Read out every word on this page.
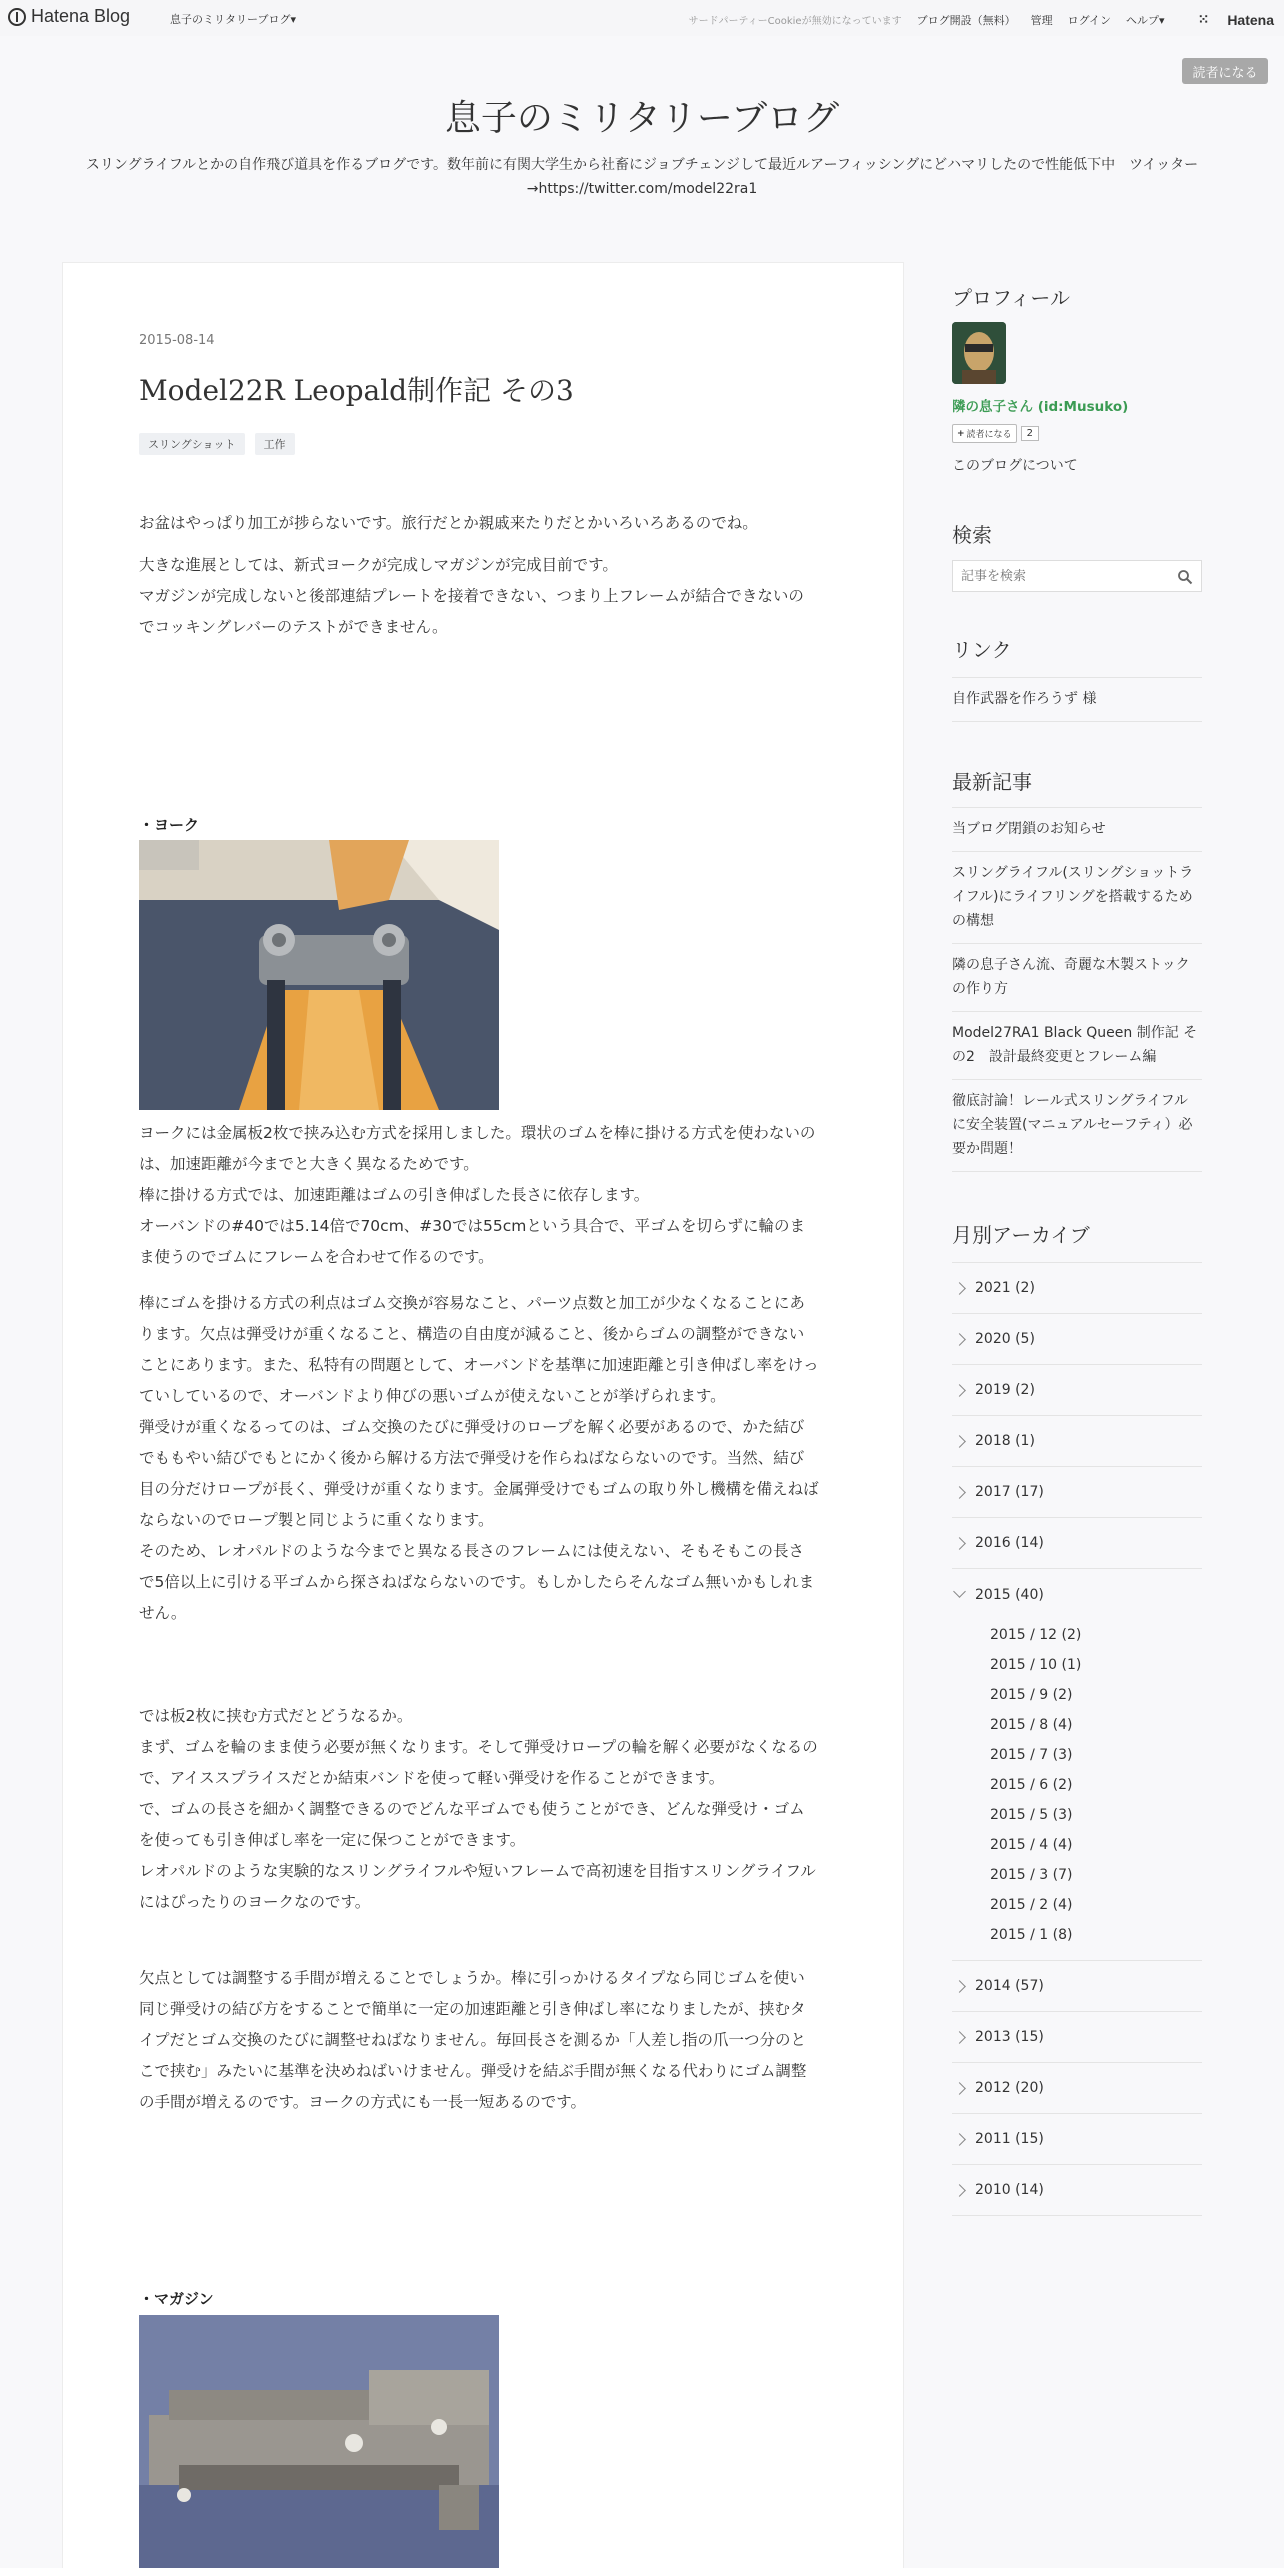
Hatena Blog	息子のミリタリーブログ▾	サードパーティーCookieが無効になっています ブログ開設（無料） 管理 ログイン ヘルプ▾ ⁙ Hatena
読者になる
息子のミリタリーブログ
スリングライフルとかの自作飛び道具を作るブログです。数年前に有関大学生から社畜にジョブチェンジして最近ルアーフィッシングにどハマリしたので性能低下中　ツイッター→https://twitter.com/model22ra1
2015-08-14
Model22R Leopald制作記 その3
スリングショット	工作
お盆はやっぱり加工が捗らないです。旅行だとか親戚来たりだとかいろいろあるのでね。
大きな進展としては、新式ヨークが完成しマガジンが完成目前です。
マガジンが完成しないと後部連結プレートを接着できない、つまり上フレームが結合できないのでコッキングレバーのテストができません。
・ヨーク
ヨークには金属板2枚で挟み込む方式を採用しました。環状のゴムを棒に掛ける方式を使わないのは、加速距離が今までと大きく異なるためです。
棒に掛ける方式では、加速距離はゴムの引き伸ばした長さに依存します。
オーバンドの#40では5.14倍で70cm、#30では55cmという具合で、平ゴムを切らずに輪のまま使うのでゴムにフレームを合わせて作るのです。
棒にゴムを掛ける方式の利点はゴム交換が容易なこと、パーツ点数と加工が少なくなることにあります。欠点は弾受けが重くなること、構造の自由度が減ること、後からゴムの調整ができないことにあります。また、私特有の問題として、オーバンドを基準に加速距離と引き伸ばし率をけっていしているので、オーバンドより伸びの悪いゴムが使えないことが挙げられます。
弾受けが重くなるってのは、ゴム交換のたびに弾受けのロープを解く必要があるので、かた結びでももやい結びでもとにかく後から解ける方法で弾受けを作らねばならないのです。当然、結び目の分だけロープが長く、弾受けが重くなります。金属弾受けでもゴムの取り外し機構を備えねばならないのでロープ製と同じように重くなります。
そのため、レオパルドのような今までと異なる長さのフレームには使えない、そもそもこの長さで5倍以上に引ける平ゴムから探さねばならないのです。もしかしたらそんなゴム無いかもしれません。
では板2枚に挟む方式だとどうなるか。
まず、ゴムを輪のまま使う必要が無くなります。そして弾受けロープの輪を解く必要がなくなるので、アイススプライスだとか結束バンドを使って軽い弾受けを作ることができます。
で、ゴムの長さを細かく調整できるのでどんな平ゴムでも使うことができ、どんな弾受け・ゴムを使っても引き伸ばし率を一定に保つことができます。
レオパルドのような実験的なスリングライフルや短いフレームで高初速を目指すスリングライフルにはぴったりのヨークなのです。
欠点としては調整する手間が増えることでしょうか。棒に引っかけるタイプなら同じゴムを使い同じ弾受けの結び方をすることで簡単に一定の加速距離と引き伸ばし率になりましたが、挟むタイプだとゴム交換のたびに調整せねばなりません。毎回長さを測るか「人差し指の爪一つ分のとこで挟む」みたいに基準を決めねばいけません。弾受けを結ぶ手間が無くなる代わりにゴム調整の手間が増えるのです。ヨークの方式にも一長一短あるのです。
・マガジン
プロフィール
隣の息子さん (id:Musuko)
+ 読者になる	2
このブログについて
検索
記事を検索
リンク
自作武器を作ろうず 様
最新記事
当ブログ閉鎖のお知らせ
スリングライフル(スリングショットライフル)にライフリングを搭載するための構想
隣の息子さん流、奇麗な木製ストックの作り方
Model27RA1 Black Queen 制作記 その2　設計最終変更とフレーム編
徹底討論！レール式スリングライフルに安全装置(マニュアルセーフティ）必要か問題！
月別アーカイブ
2021 (2)
2020 (5)
2019 (2)
2018 (1)
2017 (17)
2016 (14)
2015 (40)
2015 / 12 (2)
2015 / 10 (1)
2015 / 9 (2)
2015 / 8 (4)
2015 / 7 (3)
2015 / 6 (2)
2015 / 5 (3)
2015 / 4 (4)
2015 / 3 (7)
2015 / 2 (4)
2015 / 1 (8)
2014 (57)
2013 (15)
2012 (20)
2011 (15)
2010 (14)
